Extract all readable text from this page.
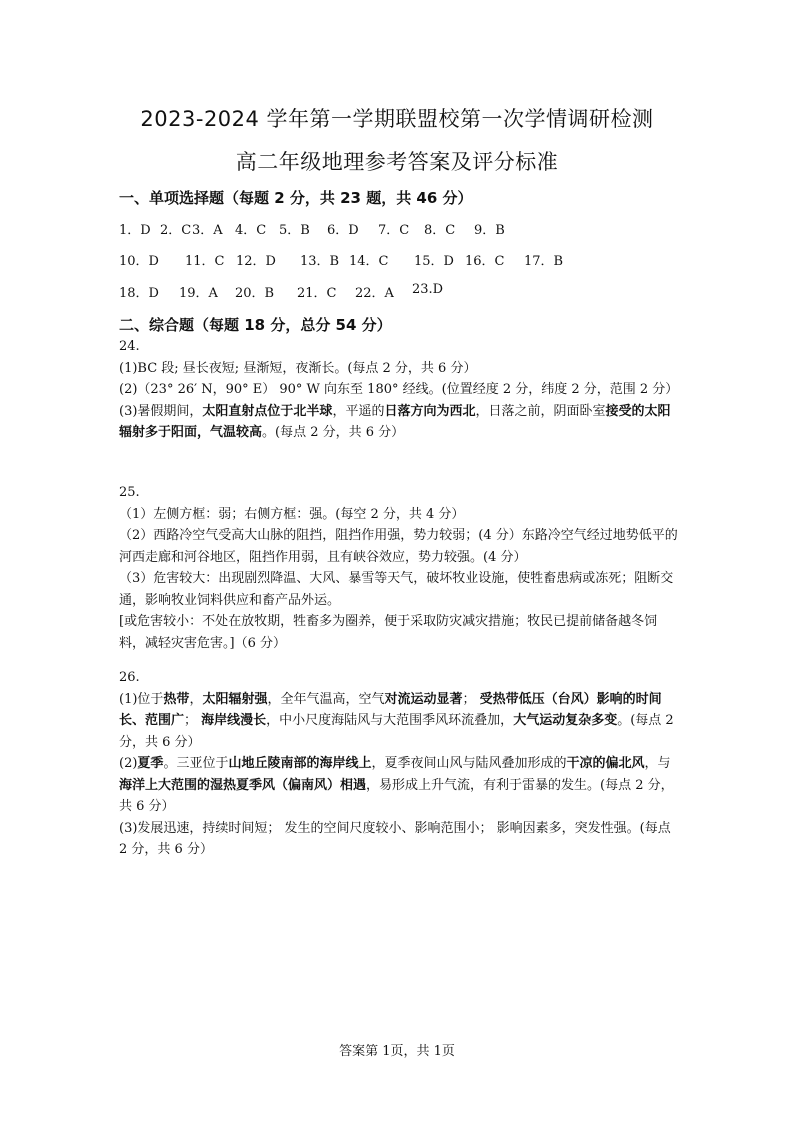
2023-2024 学年第一学期联盟校第一次学情调研检测
高二年级地理参考答案及评分标准
一、单项选择题（每题 2 分，共 23 题，共 46 分）
1．D 2．C 3．A 4．C 5．B	6．D	7．C	8．C	9．B
10．D	11．C 12．D	13．B 14．C	15．D 16．C	17．B
18．D	19．A	20．B	21．C	22．A	23.D
二、综合题（每题 18 分，总分 54 分）

24.

(1)BC 段; 昼长夜短; 昼渐短，夜渐长。(每点 2 分，共 6 分）

(2)（23° 26′ N，90° E） 90° W 向东至 180° 经线。(位置经度 2 分，纬度 2 分，范围 2 分）

(3)暑假期间，太阳直射点位于北半球，平遥的日落方向为西北，日落之前，阴面卧室接受的太阳辐射多于阳面，气温较高。(每点 2 分，共 6 分）

25.

（1）左侧方框：弱；右侧方框：强。(每空 2 分，共 4 分）

（2）西路冷空气受高大山脉的阻挡，阻挡作用强，势力较弱；(4 分）东路冷空气经过地势低平的河西走廊和河谷地区，阻挡作用弱，且有峡谷效应，势力较强。(4 分）

（3）危害较大：出现剧烈降温、大风、暴雪等天气，破坏牧业设施，使牲畜患病或冻死；阻断交通，影响牧业饲料供应和畜产品外运。

[或危害较小：不处在放牧期，牲畜多为圈养，便于采取防灾减灾措施；牧民已提前储备越冬饲料，减轻灾害危害。]（6 分）

26.

(1)位于热带，太阳辐射强，全年气温高，空气对流运动显著； 受热带低压（台风）影响的时间长、范围广； 海岸线漫长，中小尺度海陆风与大范围季风环流叠加，大气运动复杂多变。(每点 2 分，共 6 分）

(2)夏季。三亚位于山地丘陵南部的海岸线上，夏季夜间山风与陆风叠加形成的干凉的偏北风，与海洋上大范围的湿热夏季风（偏南风）相遇，易形成上升气流，有利于雷暴的发生。(每点 2 分，共 6 分）

(3)发展迅速，持续时间短； 发生的空间尺度较小、影响范围小； 影响因素多，突发性强。(每点 2 分，共 6 分）

答案第 1页，共 1页
